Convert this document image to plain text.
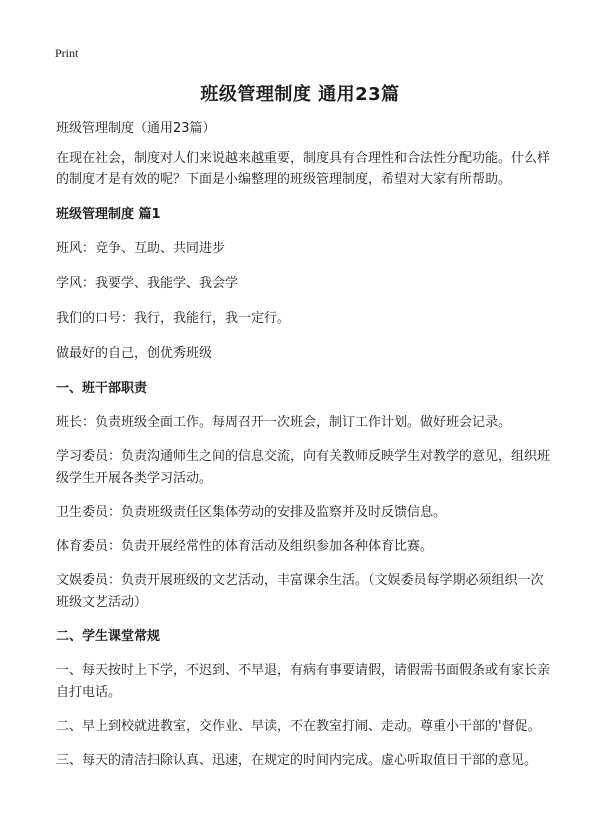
Print
班级管理制度 通用23篇

班级管理制度（通用23篇）

在现在社会，制度对人们来说越来越重要，制度具有合理性和合法性分配功能。什么样的制度才是有效的呢？下面是小编整理的班级管理制度，希望对大家有所帮助。

班级管理制度 篇1

班风：竞争、互助、共同进步

学风：我要学、我能学、我会学

我们的口号：我行，我能行，我一定行。

做最好的自己，创优秀班级

一、班干部职责

班长：负责班级全面工作。每周召开一次班会，制订工作计划。做好班会记录。

学习委员：负责沟通师生之间的信息交流，向有关教师反映学生对教学的意见，组织班级学生开展各类学习活动。

卫生委员：负责班级责任区集体劳动的安排及监察并及时反馈信息。

体育委员：负责开展经常性的体育活动及组织参加各种体育比赛。

文娱委员：负责开展班级的文艺活动，丰富课余生活。（文娱委员每学期必须组织一次班级文艺活动）

二、学生课堂常规

一、每天按时上下学，不迟到、不早退，有病有事要请假，请假需书面假条或有家长亲自打电话。

二、早上到校就进教室，交作业、早读，不在教室打闹、走动。尊重小干部的'督促。

三、每天的清洁扫除认真、迅速，在规定的时间内完成。虚心听取值日干部的意见。
